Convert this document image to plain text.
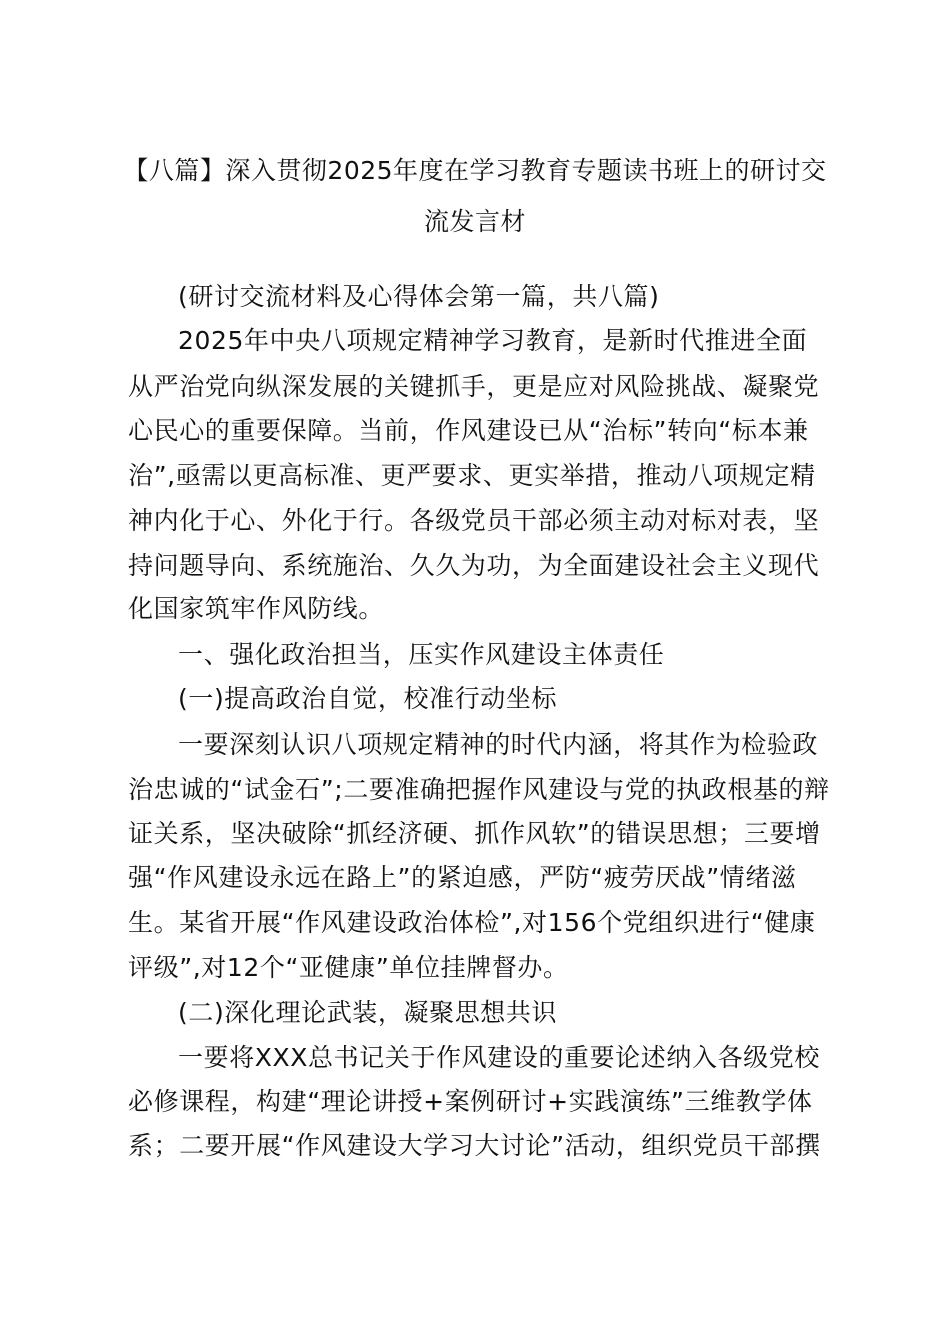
【八篇】深入贯彻2025年度在学习教育专题读书班上的研讨交
流发言材
(研讨交流材料及心得体会第一篇，共八篇)
2025年中央八项规定精神学习教育，是新时代推进全面
从严治党向纵深发展的关键抓手，更是应对风险挑战、凝聚党
心民心的重要保障。当前，作风建设已从“治标”转向“标本兼
治”,亟需以更高标准、更严要求、更实举措，推动八项规定精
神内化于心、外化于行。各级党员干部必须主动对标对表，坚
持问题导向、系统施治、久久为功，为全面建设社会主义现代
化国家筑牢作风防线。
一、强化政治担当，压实作风建设主体责任
(一)提高政治自觉，校准行动坐标
一要深刻认识八项规定精神的时代内涵，将其作为检验政
治忠诚的“试金石”;二要准确把握作风建设与党的执政根基的辩
证关系，坚决破除“抓经济硬、抓作风软”的错误思想；三要增
强“作风建设永远在路上”的紧迫感，严防“疲劳厌战”情绪滋
生。某省开展“作风建设政治体检”,对156个党组织进行“健康
评级”,对12个“亚健康”单位挂牌督办。
(二)深化理论武装，凝聚思想共识
一要将XXX总书记关于作风建设的重要论述纳入各级党校
必修课程，构建“理论讲授+案例研讨+实践演练”三维教学体
系；二要开展“作风建设大学习大讨论”活动，组织党员干部撰
